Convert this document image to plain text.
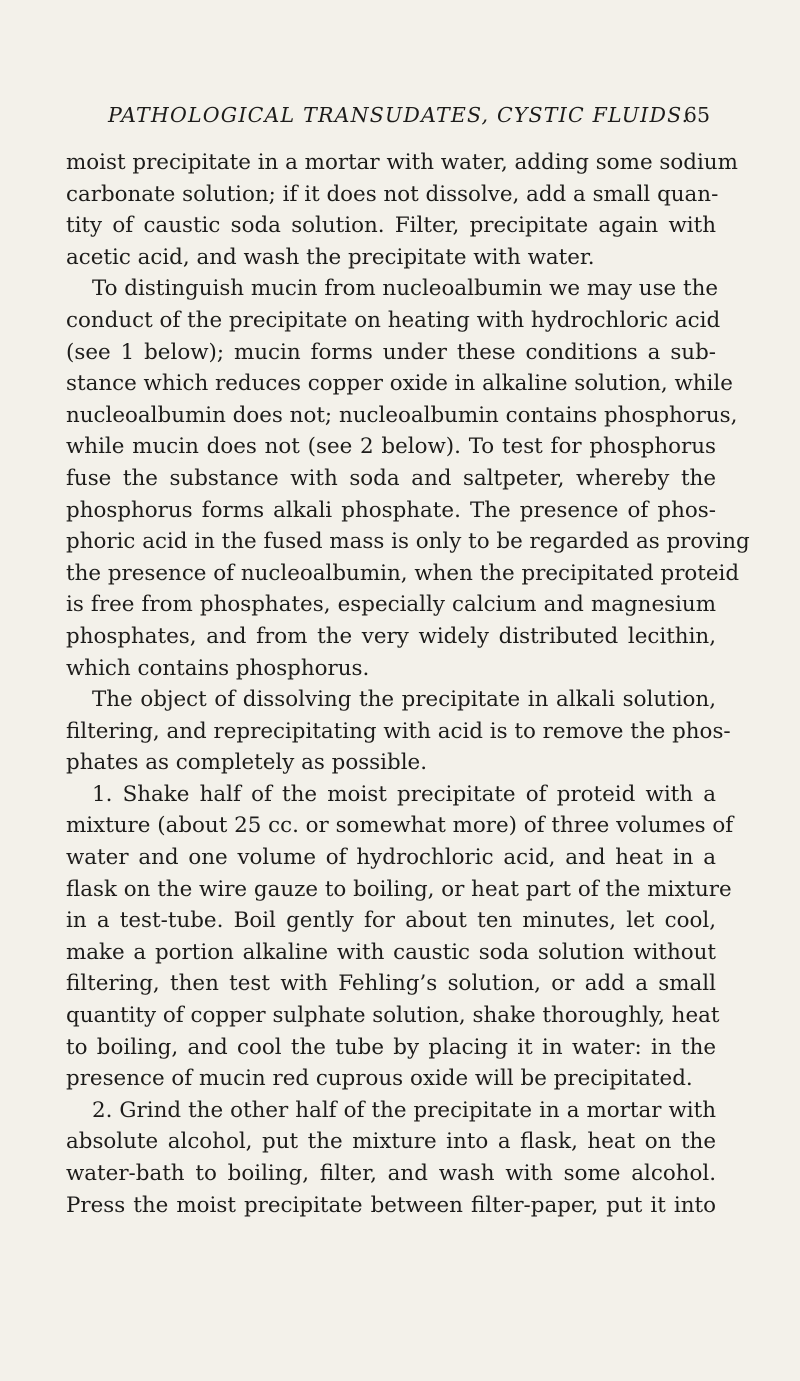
PATHOLOGICAL TRANSUDATES, CYSTIC FLUIDS.
65
moist precipitate in a mortar with water, adding some sodium
carbonate solution; if it does not dissolve, add a small quan-
tity of caustic soda solution. Filter, precipitate again with
acetic acid, and wash the precipitate with water.
To distinguish mucin from nucleoalbumin we may use the
conduct of the precipitate on heating with hydrochloric acid
(see 1 below); mucin forms under these conditions a sub-
stance which reduces copper oxide in alkaline solution, while
nucleoalbumin does not; nucleoalbumin contains phosphorus,
while mucin does not (see 2 below). To test for phosphorus
fuse the substance with soda and saltpeter, whereby the
phosphorus forms alkali phosphate. The presence of phos-
phoric acid in the fused mass is only to be regarded as proving
the presence of nucleoalbumin, when the precipitated proteid
is free from phosphates, especially calcium and magnesium
phosphates, and from the very widely distributed lecithin,
which contains phosphorus.
The object of dissolving the precipitate in alkali solution,
filtering, and reprecipitating with acid is to remove the phos-
phates as completely as possible.
1. Shake half of the moist precipitate of proteid with a
mixture (about 25 cc. or somewhat more) of three volumes of
water and one volume of hydrochloric acid, and heat in a
flask on the wire gauze to boiling, or heat part of the mixture
in a test-tube. Boil gently for about ten minutes, let cool,
make a portion alkaline with caustic soda solution without
filtering, then test with Fehling’s solution, or add a small
quantity of copper sulphate solution, shake thoroughly, heat
to boiling, and cool the tube by placing it in water: in the
presence of mucin red cuprous oxide will be precipitated.
2. Grind the other half of the precipitate in a mortar with
absolute alcohol, put the mixture into a flask, heat on the
water-bath to boiling, filter, and wash with some alcohol.
Press the moist precipitate between filter-paper, put it into
